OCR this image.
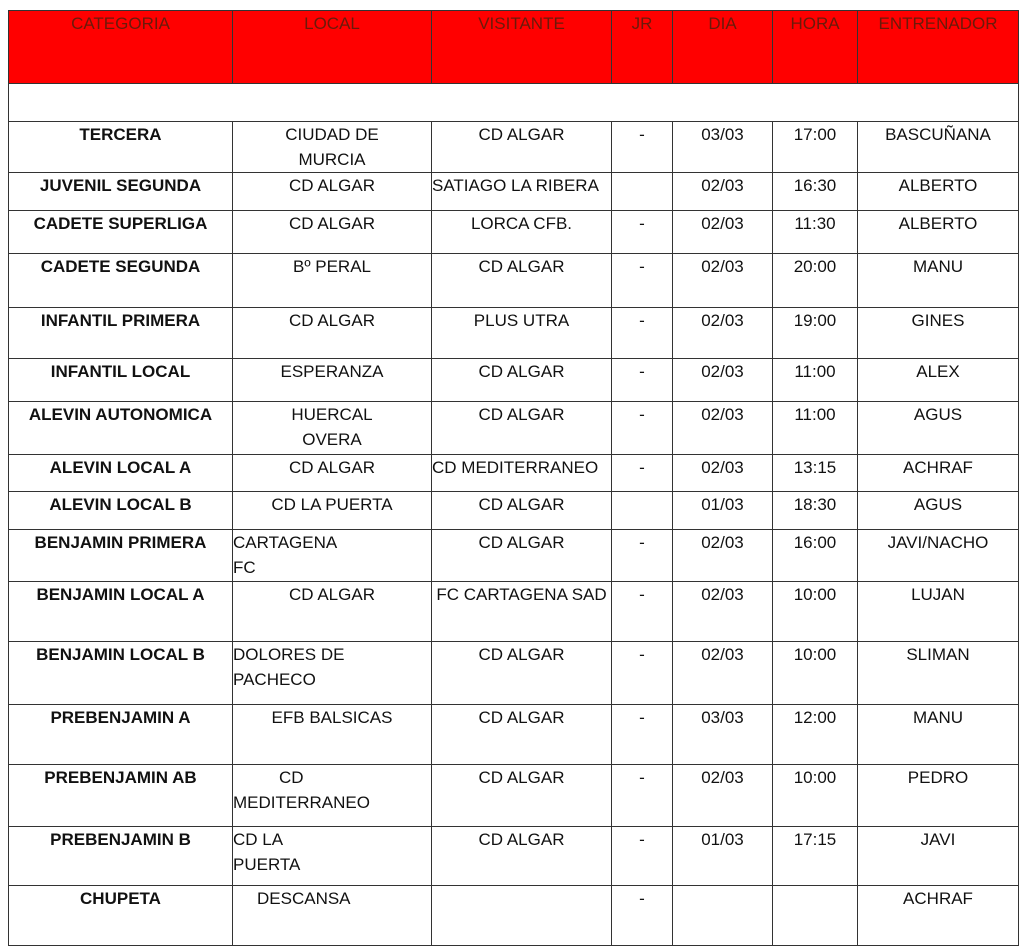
CATEGORIA	LOCAL	VISITANTE	JR	DIA	HORA	ENTRENADOR

TERCERA	CIUDAD DE MURCIA	CD ALGAR	-	03/03	17:00	BASCUÑANA
JUVENIL SEGUNDA	CD ALGAR	SATIAGO LA RIBERA		02/03	16:30	ALBERTO
CADETE SUPERLIGA	CD ALGAR	LORCA CFB.	-	02/03	11:30	ALBERTO
CADETE SEGUNDA	Bº PERAL	CD ALGAR	-	02/03	20:00	MANU
INFANTIL PRIMERA	CD ALGAR	PLUS UTRA	-	02/03	19:00	GINES
INFANTIL LOCAL	ESPERANZA	CD ALGAR	-	02/03	11:00	ALEX
ALEVIN AUTONOMICA	HUERCAL OVERA	CD ALGAR	-	02/03	11:00	AGUS
ALEVIN LOCAL A	CD ALGAR	CD MEDITERRANEO	-	02/03	13:15	ACHRAF
ALEVIN LOCAL B	CD LA PUERTA	CD ALGAR		01/03	18:30	AGUS
BENJAMIN PRIMERA	CARTAGENA FC	CD ALGAR	-	02/03	16:00	JAVI/NACHO
BENJAMIN LOCAL A	CD ALGAR	FC CARTAGENA SAD	-	02/03	10:00	LUJAN
BENJAMIN LOCAL B	DOLORES DE PACHECO	CD ALGAR	-	02/03	10:00	SLIMAN
PREBENJAMIN A	EFB BALSICAS	CD ALGAR	-	03/03	12:00	MANU
PREBENJAMIN AB	CD MEDITERRANEO	CD ALGAR	-	02/03	10:00	PEDRO
PREBENJAMIN B	CD LA PUERTA	CD ALGAR	-	01/03	17:15	JAVI
CHUPETA	DESCANSA		-			ACHRAF
